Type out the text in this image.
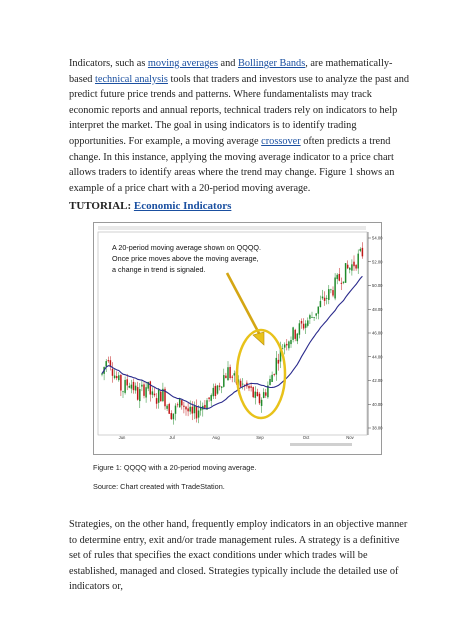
Indicators, such as moving averages and Bollinger Bands, are mathematically-based technical analysis tools that traders and investors use to analyze the past and predict future price trends and patterns. Where fundamentalists may track economic reports and annual reports, technical traders rely on indicators to help interpret the market. The goal in using indicators is to identify trading opportunities. For example, a moving average crossover often predicts a trend change. In this instance, applying the moving average indicator to a price chart allows traders to identify areas where the trend may change. Figure 1 shows an example of a price chart with a 20-period moving average.
TUTORIAL: Economic Indicators
54.00
52.00
50.00
48.00
46.00
44.00
42.00
40.00
38.00
Jun	Jul	Aug	Sep	Oct	Nov
A 20-period moving average shown on QQQQ.
Once price moves above the moving average,
a change in trend is signaled.
Figure 1: QQQQ with a 20-period moving average.
Source: Chart created with TradeStation.
Strategies, on the other hand, frequently employ indicators in an objective manner to determine entry, exit and/or trade management rules. A strategy is a definitive set of rules that specifies the exact conditions under which trades will be established, managed and closed. Strategies typically include the detailed use of indicators or,
